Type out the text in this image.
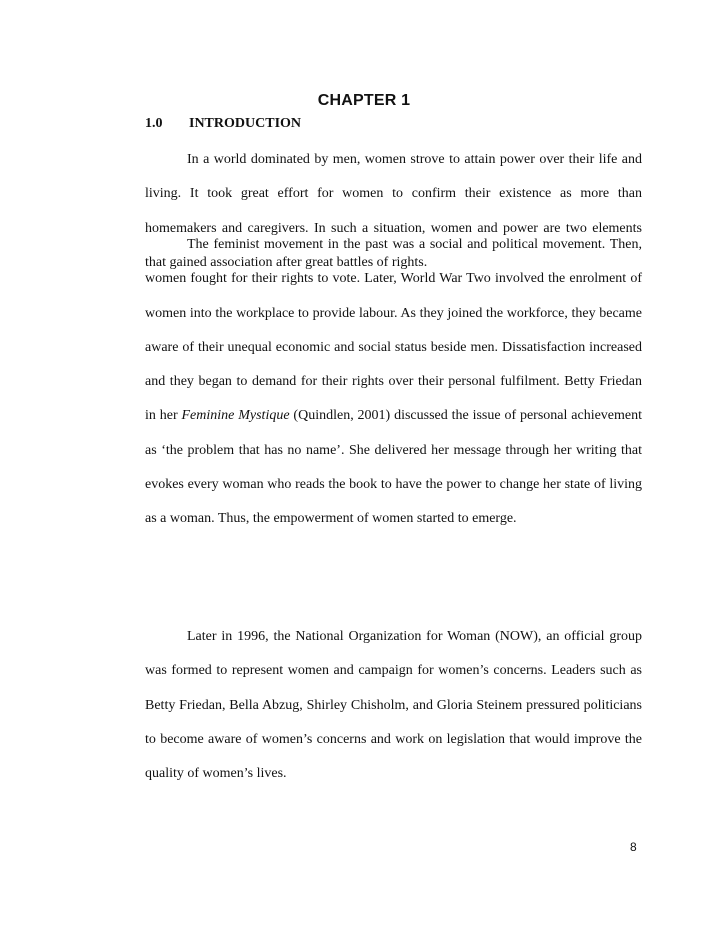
CHAPTER 1
1.0 INTRODUCTION

In a world dominated by men, women strove to attain power over their life and living. It took great effort for women to confirm their existence as more than homemakers and caregivers. In such a situation, women and power are two elements that gained association after great battles of rights.

The feminist movement in the past was a social and political movement. Then, women fought for their rights to vote. Later, World War Two involved the enrolment of women into the workplace to provide labour. As they joined the workforce, they became aware of their unequal economic and social status beside men. Dissatisfaction increased and they began to demand for their rights over their personal fulfilment. Betty Friedan in her Feminine Mystique (Quindlen, 2001) discussed the issue of personal achievement as ‘the problem that has no name’. She delivered her message through her writing that evokes every woman who reads the book to have the power to change her state of living as a woman. Thus, the empowerment of women started to emerge.

Later in 1996, the National Organization for Woman (NOW), an official group was formed to represent women and campaign for women’s concerns. Leaders such as Betty Friedan, Bella Abzug, Shirley Chisholm, and Gloria Steinem pressured politicians to become aware of women’s concerns and work on legislation that would improve the quality of women’s lives.

8
